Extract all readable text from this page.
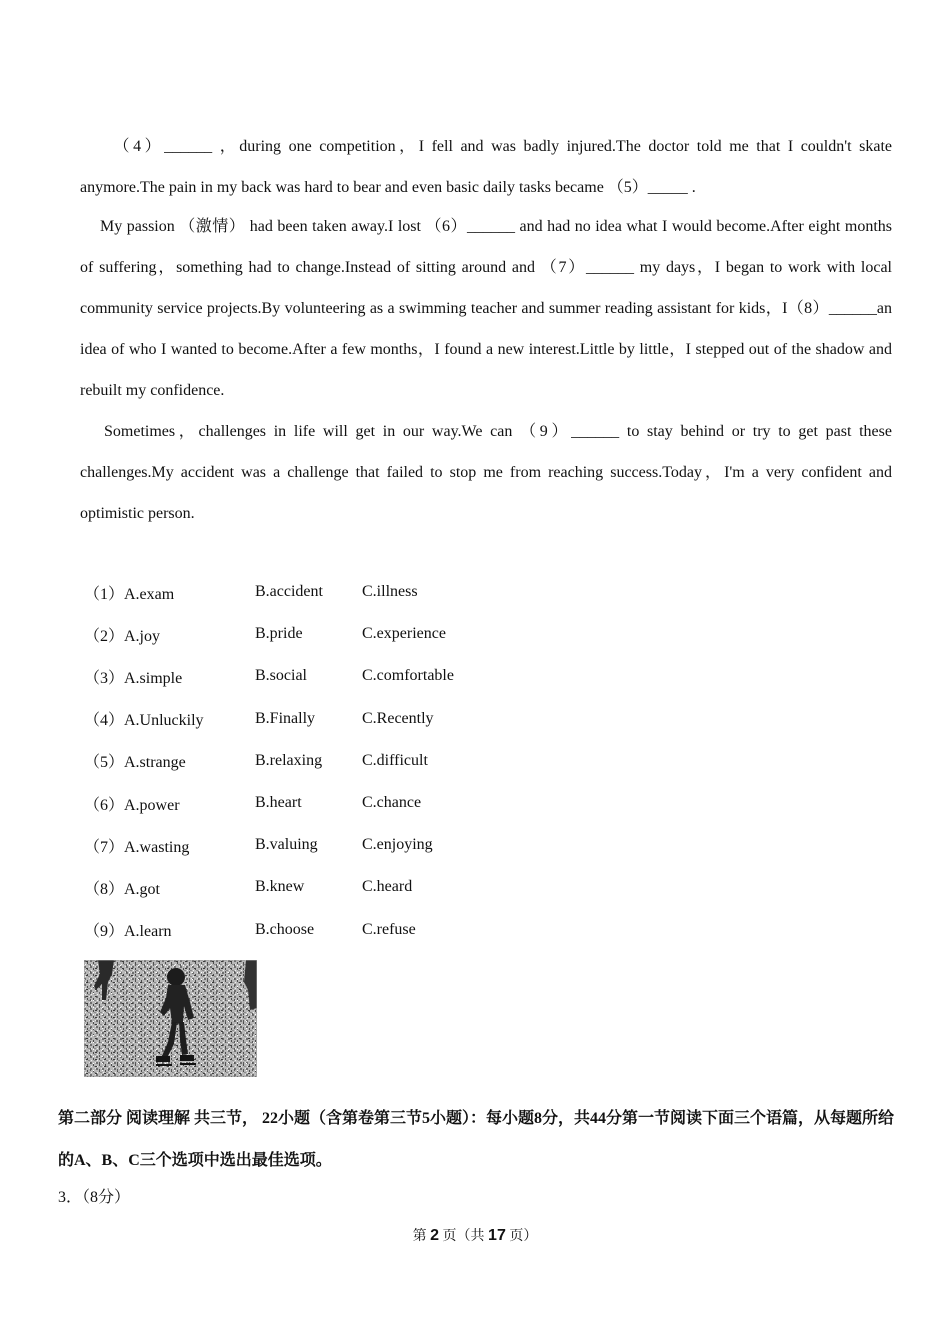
（4）______ ，during one competition，I fell and was badly injured.The doctor told me that I couldn't skate anymore.The pain in my back was hard to bear and even basic daily tasks became （5）_____ .

My passion （激情） had been taken away.I lost （6）______ and had no idea what I would become.After eight months of suffering，something had to change.Instead of sitting around and （7）______ my days，I began to work with local community service projects.By volunteering as a swimming teacher and summer reading assistant for kids，I（8）______an idea of who I wanted to become.After a few months，I found a new interest.Little by little，I stepped out of the shadow and rebuilt my confidence.

Sometimes，challenges in life will get in our way.We can （9）______ to stay behind or try to get past these challenges.My accident was a challenge that failed to stop me from reaching success.Today，I'm a very confident and optimistic person.

（1）A.exam	B.accident	C.illness
（2）A.joy	B.pride	C.experience
（3）A.simple	B.social	C.comfortable
（4）A.Unluckily	B.Finally	C.Recently
（5）A.strange	B.relaxing	C.difficult
（6）A.power	B.heart	C.chance
（7）A.wasting	B.valuing	C.enjoying
（8）A.got	B.knew	C.heard
（9）A.learn	B.choose	C.refuse

第二部分 阅读理解 共三节， 22小题（含第卷第三节5小题）：每小题8分，共44分第一节阅读下面三个语篇，从每题所给的A、B、C三个选项中选出最佳选项。

3．（8分）
第 2 页（共 17 页）
